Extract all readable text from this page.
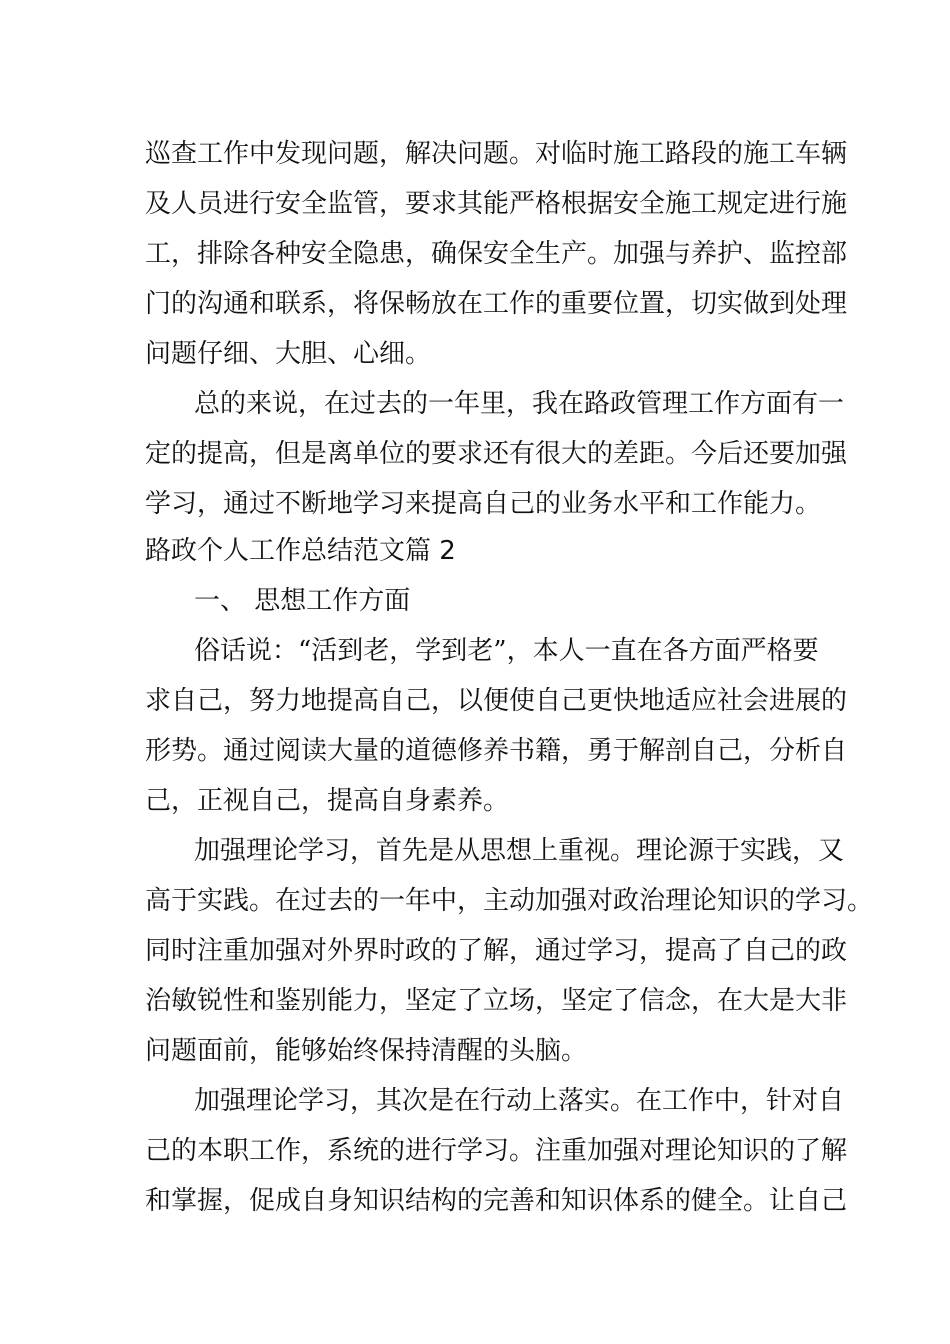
巡查工作中发现问题，解决问题。对临时施工路段的施工车辆
及人员进行安全监管，要求其能严格根据安全施工规定进行施
工，排除各种安全隐患，确保安全生产。加强与养护、监控部
门的沟通和联系，将保畅放在工作的重要位置，切实做到处理
问题仔细、大胆、心细。
总的来说，在过去的一年里，我在路政管理工作方面有一
定的提高，但是离单位的要求还有很大的差距。今后还要加强
学习，通过不断地学习来提高自己的业务水平和工作能力。
路政个人工作总结范文篇 2
一、 思想工作方面
俗话说：“活到老，学到老”，本人一直在各方面严格要
求自己，努力地提高自己，以便使自己更快地适应社会进展的
形势。通过阅读大量的道德修养书籍，勇于解剖自己，分析自
己，正视自己，提高自身素养。
加强理论学习，首先是从思想上重视。理论源于实践，又
高于实践。在过去的一年中，主动加强对政治理论知识的学习。
同时注重加强对外界时政的了解，通过学习，提高了自己的政
治敏锐性和鉴别能力，坚定了立场，坚定了信念，在大是大非
问题面前，能够始终保持清醒的头脑。
加强理论学习，其次是在行动上落实。在工作中，针对自
己的本职工作，系统的进行学习。注重加强对理论知识的了解
和掌握，促成自身知识结构的完善和知识体系的健全。让自己
